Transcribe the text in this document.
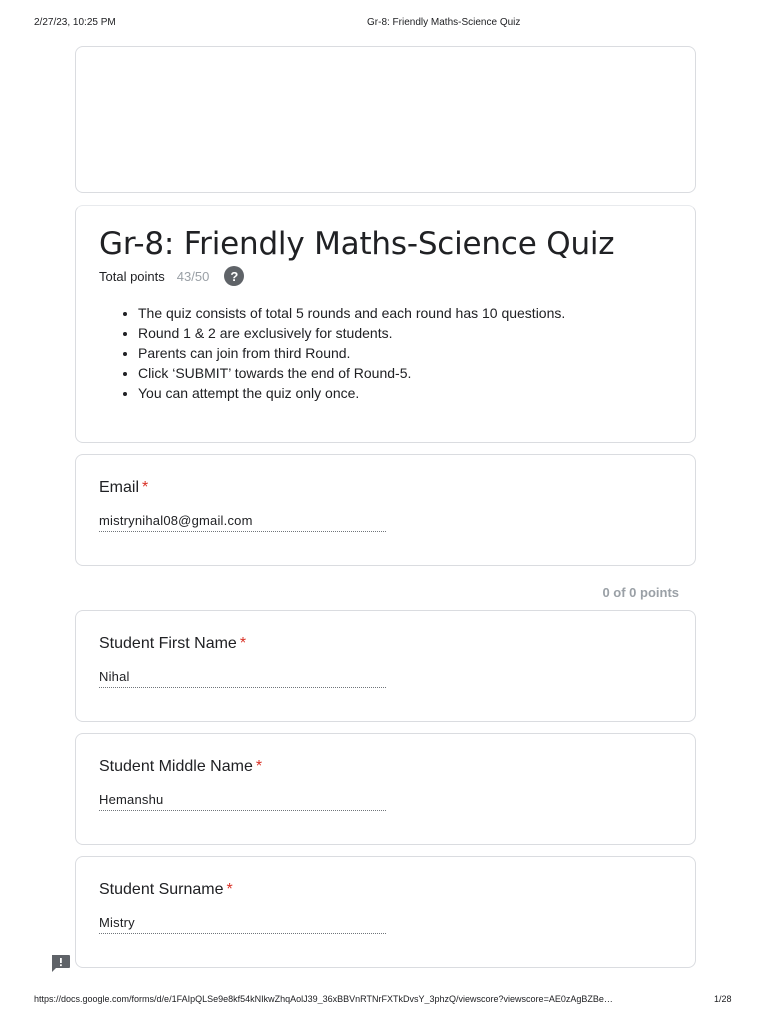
2/27/23, 10:25 PM	Gr-8: Friendly Maths-Science Quiz
Gr-8: Friendly Maths-Science Quiz
Total points 43/50	?
• The quiz consists of total 5 rounds and each round has 10 questions.
• Round 1 & 2 are exclusively for students.
• Parents can join from third Round.
• Click ‘SUBMIT’ towards the end of Round-5.
• You can attempt the quiz only once.
Email *
mistrynihal08@gmail.com
0 of 0 points
Student First Name *
Nihal
Student Middle Name *
Hemanshu
Student Surname *
Mistry
https://docs.google.com/forms/d/e/1FAIpQLSe9e8kf54kNIkwZhqAolJ39_36xBBVnRTNrFXTkDvsY_3phzQ/viewscore?viewscore=AE0zAgBZBe…	1/28
